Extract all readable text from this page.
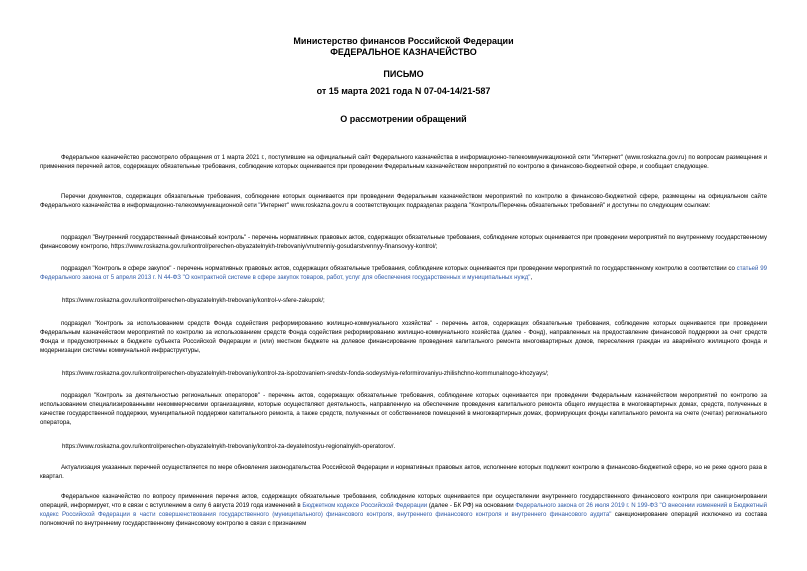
Министерство финансов Российской Федерации
ФЕДЕРАЛЬНОЕ КАЗНАЧЕЙСТВО
ПИСЬМО
от 15 марта 2021 года N 07-04-14/21-587
О рассмотрении обращений
Федеральное казначейство рассмотрело обращения от 1 марта 2021 г., поступившие на официальный сайт Федерального казначейства в информационно-телекоммуникационной сети "Интернет" (www.roskazna.gov.ru) по вопросам размещения и применения перечней актов, содержащих обязательные требования, соблюдение которых оценивается при проведении Федеральным казначейством мероприятий по контролю в финансово-бюджетной сфере, и сообщает следующее.
Перечни документов, содержащих обязательные требования, соблюдение которых оценивается при проведении Федеральным казначейством мероприятий по контролю в финансово-бюджетной сфере, размещены на официальном сайте Федерального казначейства в информационно-телекоммуникационной сети "Интернет" www.roskazna.gov.ru в соответствующих подразделах раздела "Контроль/Перечень обязательных требований" и доступны по следующим ссылкам:
подраздел "Внутренний государственный финансовый контроль" - перечень нормативных правовых актов, содержащих обязательные требования, соблюдение которых оценивается при проведении мероприятий по внутреннему государственному финансовому контролю, https://www.roskazna.gov.ru/kontrol/perechen-obyazatelnykh-trebovaniy/vnutrenniy-gosudarstvennyy-finansovyy-kontrol/;
подраздел "Контроль в сфере закупок" - перечень нормативных правовых актов, содержащих обязательные требования, соблюдение которых оценивается при проведении мероприятий по государственному контролю в соответствии со статьей 99 Федерального закона от 5 апреля 2013 г. N 44-ФЗ "О контрактной системе в сфере закупок товаров, работ, услуг для обеспечения государственных и муниципальных нужд",
https://www.roskazna.gov.ru/kontrol/perechen-obyazatelnykh-trebovaniy/kontrol-v-sfere-zakupok/;
подраздел "Контроль за использованием средств Фонда содействия реформированию жилищно-коммунального хозяйства" - перечень актов, содержащих обязательные требования, соблюдение которых оценивается при проведении Федеральным казначейством мероприятий по контролю за использованием средств Фонда содействия реформированию жилищно-коммунального хозяйства (далее - Фонд), направленных на предоставление финансовой поддержки за счет средств Фонда и предусмотренных в бюджете субъекта Российской Федерации и (или) местном бюджете на долевое финансирование проведения капитального ремонта многоквартирных домов, переселения граждан из аварийного жилищного фонда и модернизации системы коммунальной инфраструктуры,
https://www.roskazna.gov.ru/kontrol/perechen-obyazatelnykh-trebovaniy/kontrol-za-ispolzovaniem-sredstv-fonda-sodeystviya-reformirovaniyu-zhilishchno-kommunalnogo-khozyays/;
подраздел "Контроль за деятельностью региональных операторов" - перечень актов, содержащих обязательные требования, соблюдение которых оценивается при проведении Федеральным казначейством мероприятий по контролю за использованием специализированными некоммерческими организациями, которые осуществляют деятельность, направленную на обеспечение проведения капитального ремонта общего имущества в многоквартирных домах, средств, полученных в качестве государственной поддержки, муниципальной поддержки капитального ремонта, а также средств, полученных от собственников помещений в многоквартирных домах, формирующих фонды капитального ремонта на счете (счетах) регионального оператора,
https://www.roskazna.gov.ru/kontrol/perechen-obyazatelnykh-trebovaniy/kontrol-za-deyatelnostyu-regionalnykh-operatorov/.
Актуализация указанных перечней осуществляется по мере обновления законодательства Российской Федерации и нормативных правовых актов, исполнение которых подлежит контролю в финансово-бюджетной сфере, но не реже одного раза в квартал.
Федеральное казначейство по вопросу применения перечня актов, содержащих обязательные требования, соблюдение которых оценивается при осуществлении внутреннего государственного финансового контроля при санкционировании операций, информирует, что в связи с вступлением в силу 6 августа 2019 года изменений в Бюджетном кодексе Российской Федерации (далее - БК РФ) на основании Федерального закона от 26 июля 2019 г. N 199-ФЗ "О внесении изменений в Бюджетный кодекс Российской Федерации в части совершенствования государственного (муниципального) финансового контроля, внутреннего финансового контроля и внутреннего финансового аудита" санкционирование операций исключено из состава полномочий по внутреннему государственному финансовому контролю в связи с признанием
